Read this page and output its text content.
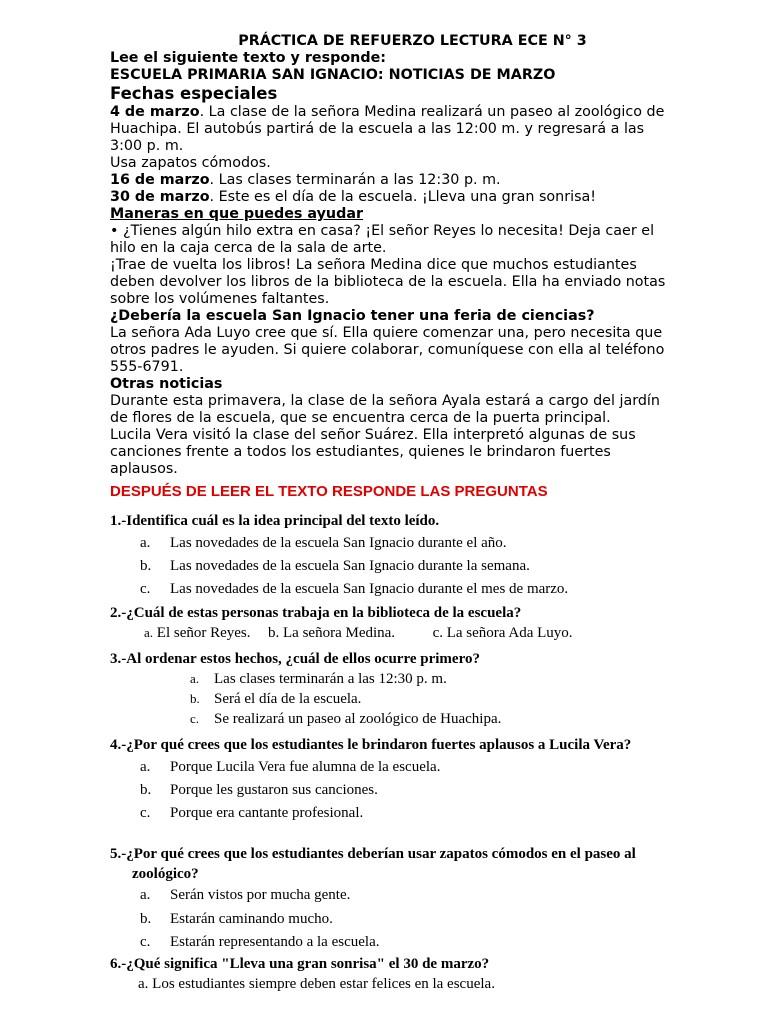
PRÁCTICA DE REFUERZO LECTURA ECE N° 3
Lee el siguiente texto y responde:
ESCUELA PRIMARIA SAN IGNACIO: NOTICIAS DE MARZO
Fechas especiales
4 de marzo. La clase de la señora Medina realizará un paseo al zoológico de
Huachipa. El autobús partirá de la escuela a las 12:00 m. y regresará a las
3:00 p. m.
Usa zapatos cómodos.
16 de marzo. Las clases terminarán a las 12:30 p. m.
30 de marzo. Este es el día de la escuela. ¡Lleva una gran sonrisa!
Maneras en que puedes ayudar
• ¿Tienes algún hilo extra en casa? ¡El señor Reyes lo necesita! Deja caer el
hilo en la caja cerca de la sala de arte.
¡Trae de vuelta los libros! La señora Medina dice que muchos estudiantes
deben devolver los libros de la biblioteca de la escuela. Ella ha enviado notas
sobre los volúmenes faltantes.
¿Debería la escuela San Ignacio tener una feria de ciencias?
La señora Ada Luyo cree que sí. Ella quiere comenzar una, pero necesita que
otros padres le ayuden. Si quiere colaborar, comuníquese con ella al teléfono
555-6791.
Otras noticias
Durante esta primavera, la clase de la señora Ayala estará a cargo del jardín
de flores de la escuela, que se encuentra cerca de la puerta principal.
Lucila Vera visitó la clase del señor Suárez. Ella interpretó algunas de sus
canciones frente a todos los estudiantes, quienes le brindaron fuertes
aplausos.
DESPUÉS DE LEER EL TEXTO RESPONDE LAS PREGUNTAS
1.-Identifica cuál es la idea principal del texto leído.
a. Las novedades de la escuela San Ignacio durante el año.
b. Las novedades de la escuela San Ignacio durante la semana.
c. Las novedades de la escuela San Ignacio durante el mes de marzo.
2.-¿Cuál de estas personas trabaja en la biblioteca de la escuela?
a. El señor Reyes. b. La señora Medina.	c. La señora Ada Luyo.
3.-Al ordenar estos hechos, ¿cuál de ellos ocurre primero?
a. Las clases terminarán a las 12:30 p. m.
b. Será el día de la escuela.
c. Se realizará un paseo al zoológico de Huachipa.
4.-¿Por qué crees que los estudiantes le brindaron fuertes aplausos a Lucila Vera?
a. Porque Lucila Vera fue alumna de la escuela.
b. Porque les gustaron sus canciones.
c. Porque era cantante profesional.
5.-¿Por qué crees que los estudiantes deberían usar zapatos cómodos en el paseo al
zoológico?
a. Serán vistos por mucha gente.
b. Estarán caminando mucho.
c. Estarán representando a la escuela.
6.-¿Qué significa "Lleva una gran sonrisa" el 30 de marzo?
a. Los estudiantes siempre deben estar felices en la escuela.
